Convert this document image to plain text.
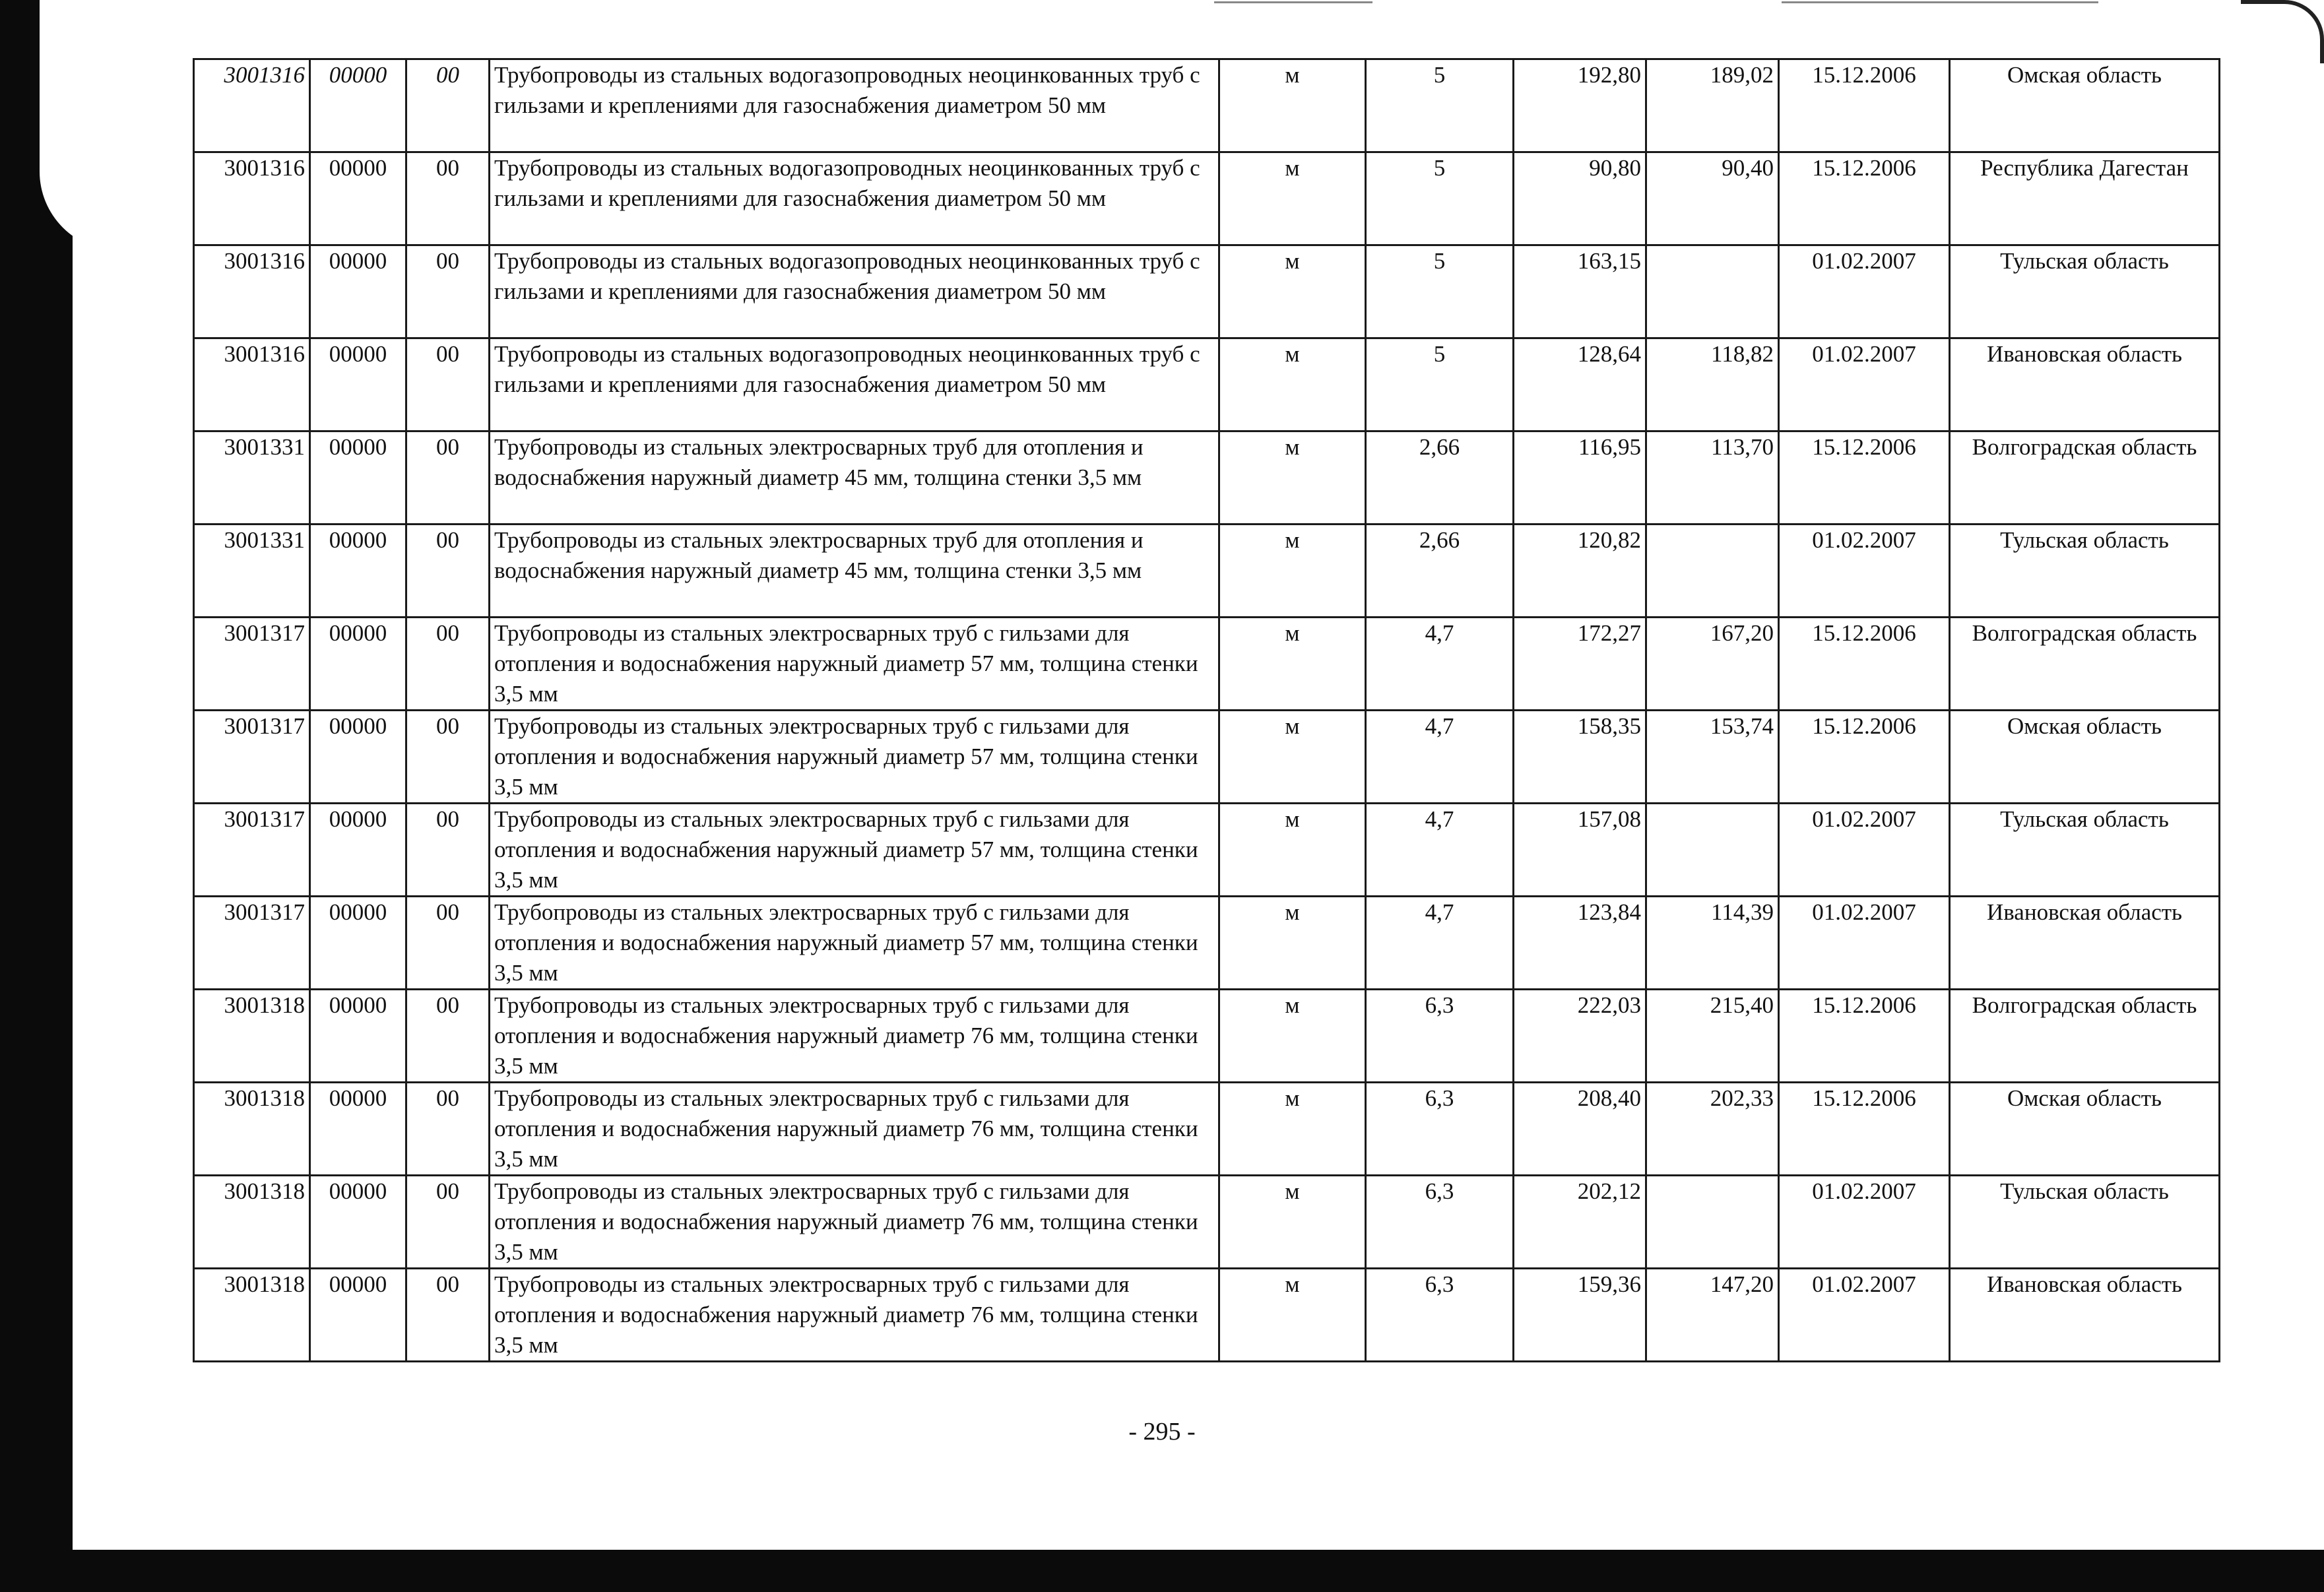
3001316	00000	00	Трубопроводы из стальных водогазопроводных неоцинкованных труб с гильзами и креплениями для газоснабжения диаметром 50 мм	м	5	192,80	189,02	15.12.2006	Омская область
3001316	00000	00	Трубопроводы из стальных водогазопроводных неоцинкованных труб с гильзами и креплениями для газоснабжения диаметром 50 мм	м	5	90,80	90,40	15.12.2006	Республика Дагестан
3001316	00000	00	Трубопроводы из стальных водогазопроводных неоцинкованных труб с гильзами и креплениями для газоснабжения диаметром 50 мм	м	5	163,15		01.02.2007	Тульская область
3001316	00000	00	Трубопроводы из стальных водогазопроводных неоцинкованных труб с гильзами и креплениями для газоснабжения диаметром 50 мм	м	5	128,64	118,82	01.02.2007	Ивановская область
3001331	00000	00	Трубопроводы из стальных электросварных труб для отопления и водоснабжения наружный диаметр 45 мм, толщина стенки 3,5 мм	м	2,66	116,95	113,70	15.12.2006	Волгоградская область
3001331	00000	00	Трубопроводы из стальных электросварных труб для отопления и водоснабжения наружный диаметр 45 мм, толщина стенки 3,5 мм	м	2,66	120,82		01.02.2007	Тульская область
3001317	00000	00	Трубопроводы из стальных электросварных труб с гильзами для отопления и водоснабжения наружный диаметр 57 мм, толщина стенки 3,5 мм	м	4,7	172,27	167,20	15.12.2006	Волгоградская область
3001317	00000	00	Трубопроводы из стальных электросварных труб с гильзами для отопления и водоснабжения наружный диаметр 57 мм, толщина стенки 3,5 мм	м	4,7	158,35	153,74	15.12.2006	Омская область
3001317	00000	00	Трубопроводы из стальных электросварных труб с гильзами для отопления и водоснабжения наружный диаметр 57 мм, толщина стенки 3,5 мм	м	4,7	157,08		01.02.2007	Тульская область
3001317	00000	00	Трубопроводы из стальных электросварных труб с гильзами для отопления и водоснабжения наружный диаметр 57 мм, толщина стенки 3,5 мм	м	4,7	123,84	114,39	01.02.2007	Ивановская область
3001318	00000	00	Трубопроводы из стальных электросварных труб с гильзами для отопления и водоснабжения наружный диаметр 76 мм, толщина стенки 3,5 мм	м	6,3	222,03	215,40	15.12.2006	Волгоградская область
3001318	00000	00	Трубопроводы из стальных электросварных труб с гильзами для отопления и водоснабжения наружный диаметр 76 мм, толщина стенки 3,5 мм	м	6,3	208,40	202,33	15.12.2006	Омская область
3001318	00000	00	Трубопроводы из стальных электросварных труб с гильзами для отопления и водоснабжения наружный диаметр 76 мм, толщина стенки 3,5 мм	м	6,3	202,12		01.02.2007	Тульская область
3001318	00000	00	Трубопроводы из стальных электросварных труб с гильзами для отопления и водоснабжения наружный диаметр 76 мм, толщина стенки 3,5 мм	м	6,3	159,36	147,20	01.02.2007	Ивановская область
- 295 -
